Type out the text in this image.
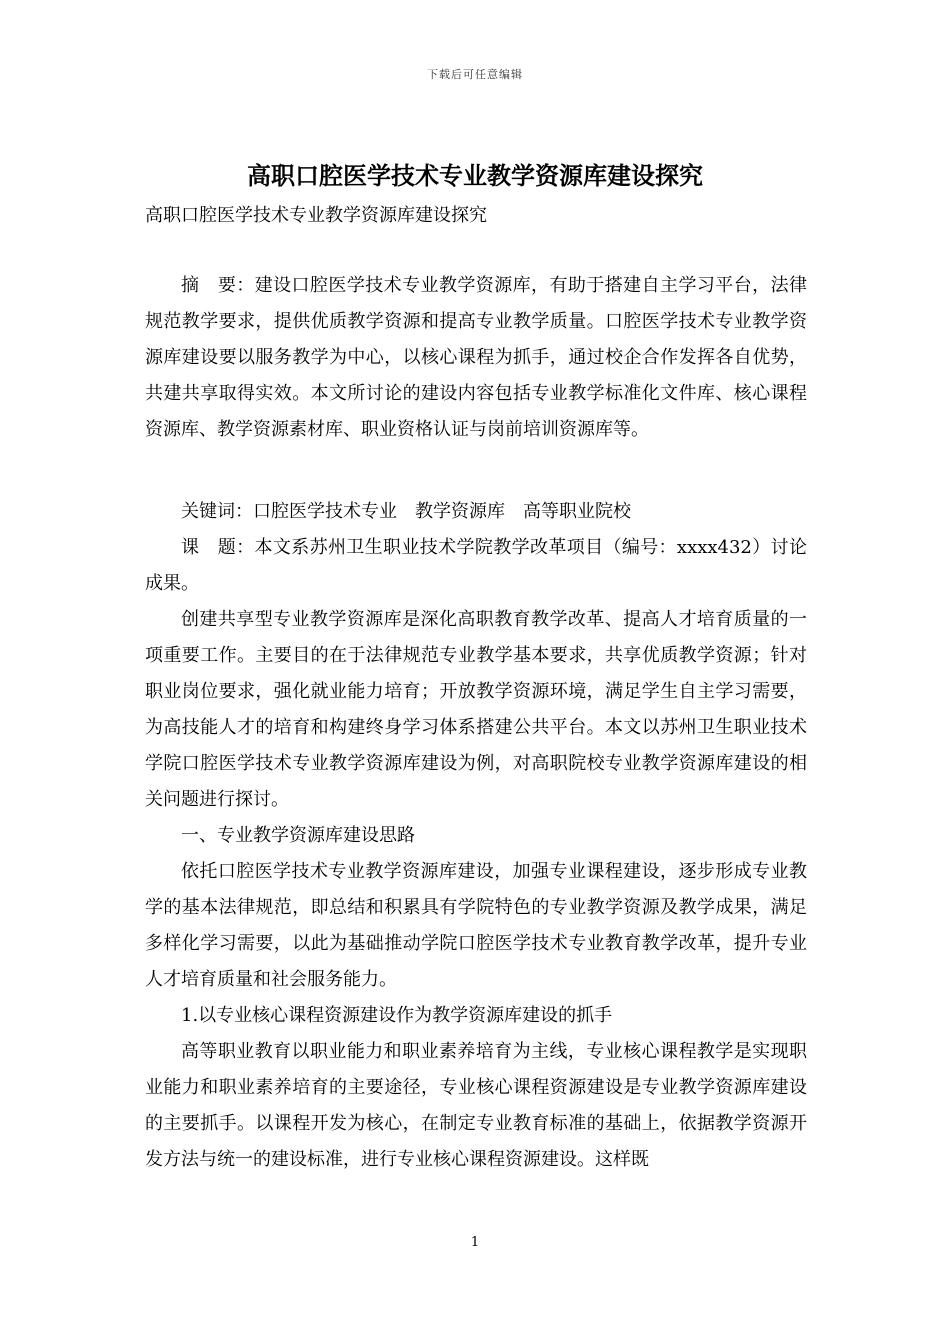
下载后可任意编辑
高职口腔医学技术专业教学资源库建设探究
高职口腔医学技术专业教学资源库建设探究

摘　要：建设口腔医学技术专业教学资源库，有助于搭建自主学习平台，法律规范教学要求，提供优质教学资源和提高专业教学质量。口腔医学技术专业教学资源库建设要以服务教学为中心，以核心课程为抓手，通过校企合作发挥各自优势，共建共享取得实效。本文所讨论的建设内容包括专业教学标准化文件库、核心课程资源库、教学资源素材库、职业资格认证与岗前培训资源库等。

关键词：口腔医学技术专业　教学资源库　高等职业院校

课　题：本文系苏州卫生职业技术学院教学改革项目（编号：xxxx432）讨论成果。

创建共享型专业教学资源库是深化高职教育教学改革、提高人才培育质量的一项重要工作。主要目的在于法律规范专业教学基本要求，共享优质教学资源；针对职业岗位要求，强化就业能力培育；开放教学资源环境，满足学生自主学习需要，为高技能人才的培育和构建终身学习体系搭建公共平台。本文以苏州卫生职业技术学院口腔医学技术专业教学资源库建设为例，对高职院校专业教学资源库建设的相关问题进行探讨。

一、专业教学资源库建设思路

依托口腔医学技术专业教学资源库建设，加强专业课程建设，逐步形成专业教学的基本法律规范，即总结和积累具有学院特色的专业教学资源及教学成果，满足多样化学习需要，以此为基础推动学院口腔医学技术专业教育教学改革，提升专业人才培育质量和社会服务能力。

1.以专业核心课程资源建设作为教学资源库建设的抓手

高等职业教育以职业能力和职业素养培育为主线，专业核心课程教学是实现职业能力和职业素养培育的主要途径，专业核心课程资源建设是专业教学资源库建设的主要抓手。以课程开发为核心，在制定专业教育标准的基础上，依据教学资源开发方法与统一的建设标准，进行专业核心课程资源建设。这样既

1
